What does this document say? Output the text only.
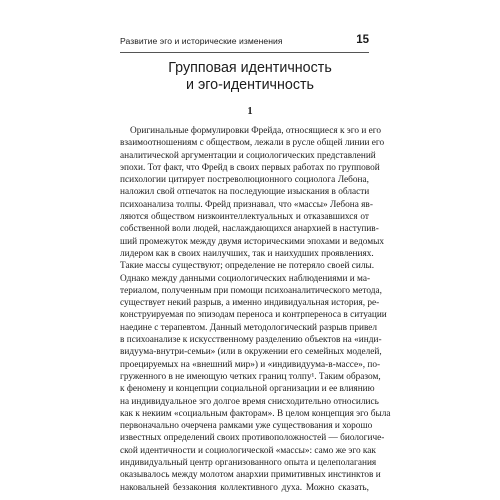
Развитие эго и исторические изменения	15
Групповая идентичность
и эго-идентичность
1
Оригинальные формулировки Фрейда, относящиеся к эго и его
взаимоотношениям с обществом, лежали в русле общей линии его
аналитической аргументации и социологических представлений
эпохи. Тот факт, что Фрейд в своих первых работах по групповой
психологии цитирует постреволюционного социолога Лебона,
наложил свой отпечаток на последующие изыскания в области
психоанализа толпы. Фрейд признавал, что «массы» Лебона яв-
ляются обществом низкоинтеллектуальных и отказавшихся от
собственной воли людей, наслаждающихся анархией в наступив-
ший промежуток между двумя историческими эпохами и ведомых
лидером как в своих наилучших, так и наихудших проявлениях.
Такие массы существуют; определение не потеряло своей силы.
Однако между данными социологических наблюдениями и ма-
териалом, полученным при помощи психоаналитического метода,
существует некий разрыв, а именно индивидуальная история, ре-
конструируемая по эпизодам переноса и контрпереноса в ситуации
наедине с терапевтом. Данный методологический разрыв привел
в психоанализе к искусственному разделению объектов на «инди-
видуума-внутри-семьи» (или в окружении его семейных моделей,
проецируемых на «внешний мир») и «индивидуума-в-массе», по-
груженного в не имеющую четких границ толпу¹. Таким образом,
к феномену и концепции социальной организации и ее влиянию
на индивидуальное эго долгое время снисходительно относились
как к некиим «социальным факторам». В целом концепция эго была
первоначально очерчена рамками уже существования и хорошо
известных определений своих противоположностей — биологиче-
ской идентичности и социологической «массы»: само же эго как
индивидуальный центр организованного опыта и целеполагания
оказывалось между молотом анархии примитивных инстинктов и
наковальней беззакония коллективного духа. Можно сказать,
